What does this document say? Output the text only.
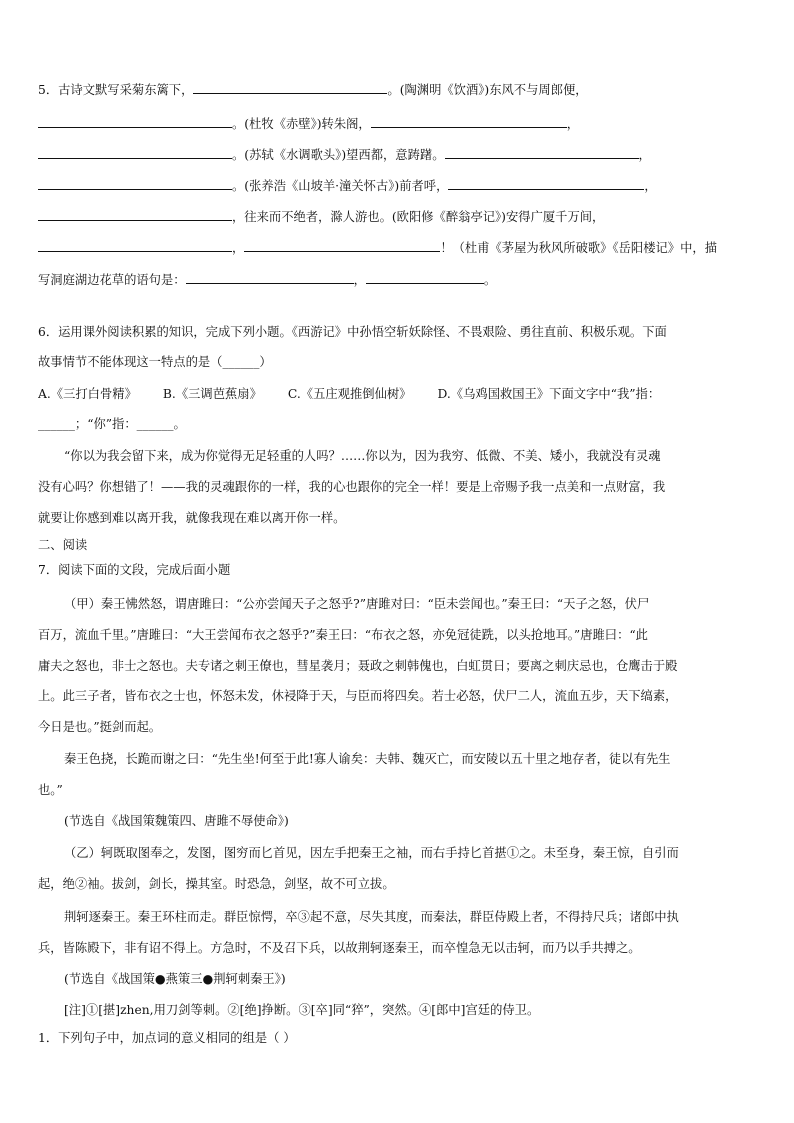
5．古诗文默写采菊东篱下，	。(陶渊明《饮酒》)东风不与周郎便，
。(杜牧《赤壁》)转朱阁，	，
。(苏轼《水调歌头》)望西都，意踌躇。	，
。(张养浩《山坡羊·潼关怀古》)前者呼，	，
，往来而不绝者，滁人游也。(欧阳修《醉翁亭记》)安得广厦千万间，
，	！（杜甫《茅屋为秋风所破歌》《岳阳楼记》中，描
写洞庭湖边花草的语句是：	，	。
6．运用课外阅读积累的知识，完成下列小题。《西游记》中孙悟空斩妖除怪、不畏艰险、勇往直前、积极乐观。下面
故事情节不能体现这一特点的是（______）
A.《三打白骨精》 B.《三调芭蕉扇》 C.《五庄观推倒仙树》 D.《乌鸡国救国王》下面文字中“我”指：
______；“你”指：______。
“你以为我会留下来，成为你觉得无足轻重的人吗？……你以为，因为我穷、低微、不美、矮小，我就没有灵魂
没有心吗？你想错了！——我的灵魂跟你的一样，我的心也跟你的完全一样！要是上帝赐予我一点美和一点财富，我
就要让你感到难以离开我，就像我现在难以离开你一样。
二、阅读
7．阅读下面的文段，完成后面小题
（甲）秦王怫然怒，谓唐雎曰：“公亦尝闻天子之怒乎?”唐雎对曰：“臣未尝闻也。”秦王曰：“天子之怒，伏尸
百万，流血千里。”唐雎曰：“大王尝闻布衣之怒乎?”秦王曰：“布衣之怒，亦免冠徒跣，以头抢地耳。”唐雎曰：“此
庸夫之怒也，非士之怒也。夫专诸之刺王僚也，彗星袭月；聂政之刺韩傀也，白虹贯日；要离之刺庆忌也，仓鹰击于殿
上。此三子者，皆布衣之士也，怀怒未发，休祲降于天，与臣而将四矣。若士必怒，伏尸二人，流血五步，天下缟素，
今日是也。”挺剑而起。
秦王色挠，长跪而谢之曰：“先生坐!何至于此!寡人谕矣：夫韩、魏灭亡，而安陵以五十里之地存者，徒以有先生
也。”
(节选自《战国策魏策四、唐雎不辱使命》)
（乙）轲既取图奉之，发图，图穷而匕首见，因左手把秦王之袖，而右手持匕首揕①之。未至身，秦王惊，自引而
起，绝②袖。拔剑，剑长，操其室。时恐急，剑坚，故不可立拔。
荆轲逐秦王。秦王环柱而走。群臣惊愕，卒③起不意，尽失其度，而秦法，群臣侍殿上者，不得持尺兵；诸郎中执
兵，皆陈殿下，非有诏不得上。方急时，不及召下兵，以故荆轲逐秦王，而卒惶急无以击轲，而乃以手共搏之。
(节选自《战国策●燕策三●荆轲刺秦王》)
[注]①[揕]zhen,用刀剑等刺。②[绝]挣断。③[卒]同“猝”，突然。④[郎中]宫廷的侍卫。
1．下列句子中，加点词的意义相同的组是（ ）
